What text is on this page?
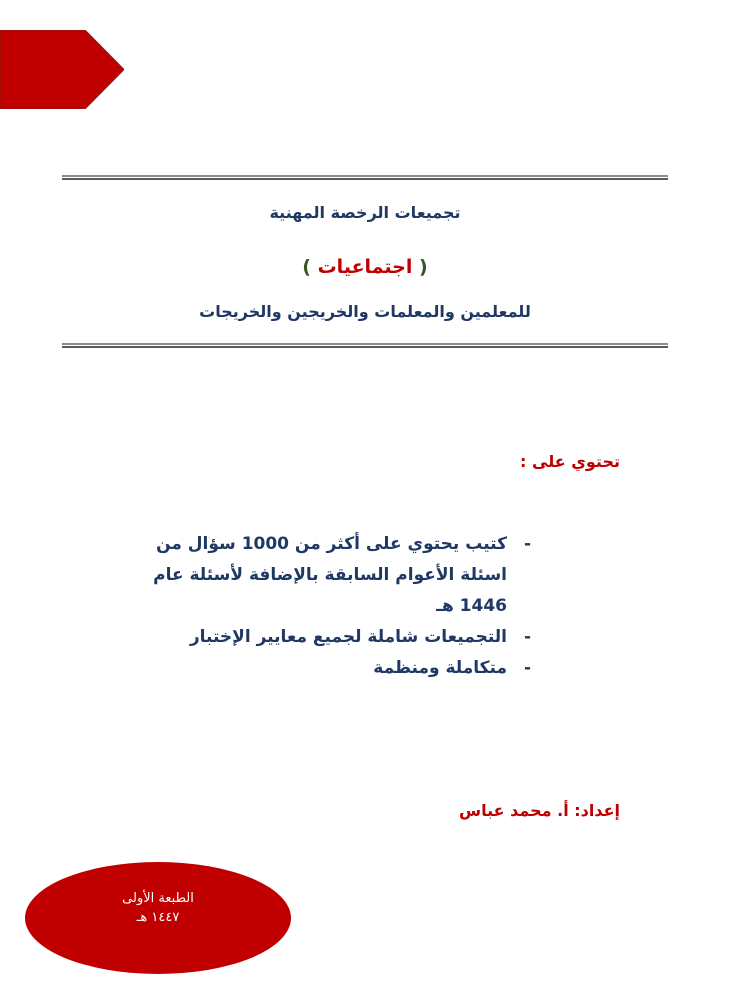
تجميعات الرخصة المهنية
( اجتماعيات )
للمعلمين والمعلمات والخريجين والخريجات
تحتوي على :
-
كتيب يحتوي على أكثر من 1000 سؤال من اسئلة الأعوام السابقة بالإضافة لأسئلة عام 1446 هـ
-
التجميعات شاملة لجميع معايير الإختبار
-
متكاملة ومنظمة
إعداد: أ. محمد عباس
الطبعة الأولى
١٤٤٧ هـ
